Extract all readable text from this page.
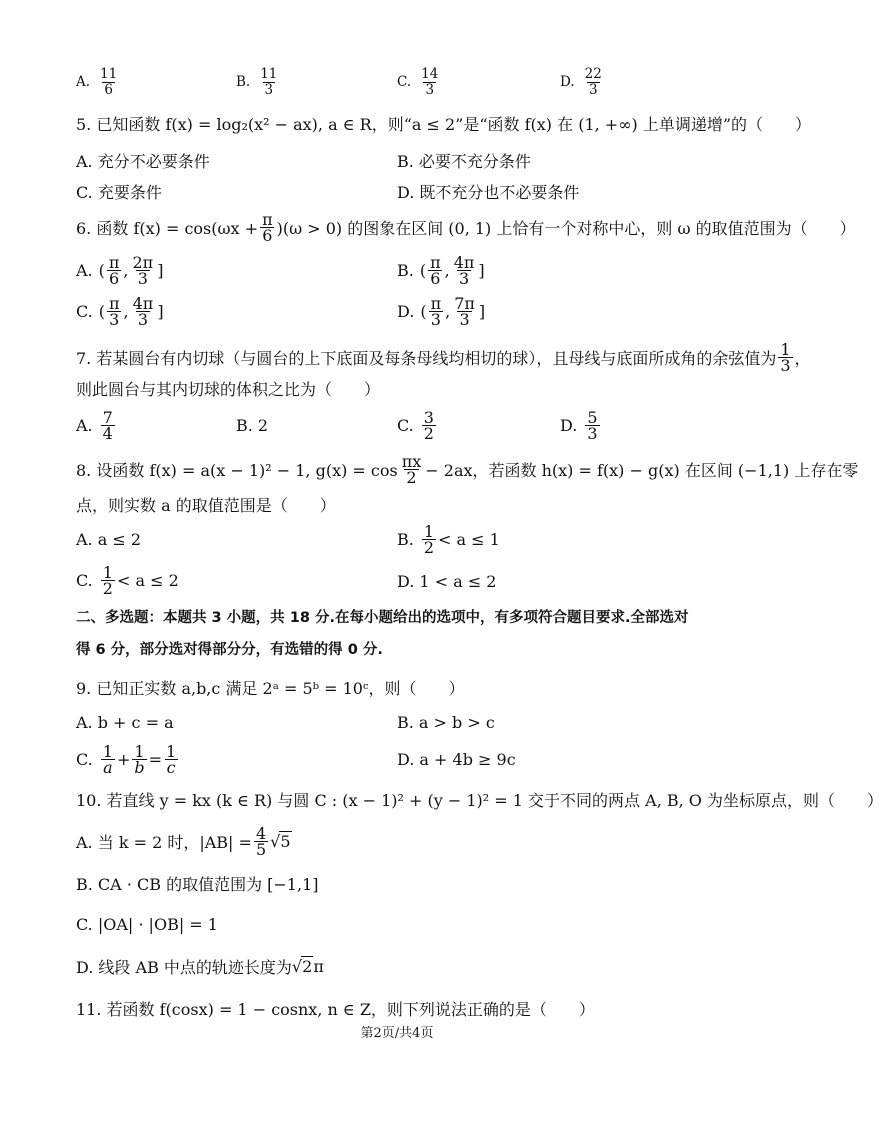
A. $\frac{11}{6}$	B. $\frac{11}{3}$	C. $\frac{14}{3}$	D. $\frac{22}{3}$
5. 已知函数 f(x) = log₂(x² − ax), a ∈ R，则“a ≤ 2”是“函数 f(x) 在 (1, +∞) 上单调递增”的（　　）
A. 充分不必要条件	B. 必要不充分条件
C. 充要条件	D. 既不充分也不必要条件
6. 函数 $f(x) = \cos(\omega x + \frac{\pi}{6} )(\omega > 0)$ 的图象在区间 (0, 1) 上恰有一个对称中心，则 ω 的取值范围为（　　）
A. ( $\frac{\pi}{6}$ , $\frac{2\pi}{3}$ ]	B. ( $\frac{\pi}{6}$ , $\frac{4\pi}{3}$ ]
C. ( $\frac{\pi}{3}$ , $\frac{4\pi}{3}$ ]	D. ( $\frac{\pi}{3}$ , $\frac{7\pi}{3}$ ]
7. 若某圆台有内切球（与圆台的上下底面及每条母线均相切的球），且母线与底面所成角的余弦值为 $\frac{1}{3}$ ，
则此圆台与其内切球的体积之比为（　　）
A. $\frac{7}{4}$	B. 2	C. $\frac{3}{2}$	D. $\frac{5}{3}$
8. 设函数 f(x) = a(x − 1)² − 1, $g(x) = \cos \frac{\pi x}{2} - 2ax$，若函数 h(x) = f(x) − g(x) 在区间 (−1,1) 上存在零
点，则实数 a 的取值范围是（　　）
A. a ≤ 2	B. $\frac{1}{2} < a \le 1$
C. $\frac{1}{2} < a \le 2$	D. 1 < a ≤ 2
二、多选题：本题共 3 小题，共 18 分.在每小题给出的选项中，有多项符合题目要求.全部选对
得 6 分，部分选对得部分分，有选错的得 0 分.
9. 已知正实数 a,b,c 满足 2ᵃ = 5ᵇ = 10ᶜ，则（　　）
A. b + c = a	B. a > b > c
C. $\frac{1}{a} + \frac{1}{b} = \frac{1}{c}$	D. a + 4b ≥ 9c
10. 若直线 y = kx (k ∈ R) 与圆 C : (x − 1)² + (y − 1)² = 1 交于不同的两点 A, B, O 为坐标原点，则（　　）
A. 当 k = 2 时，$|AB| = \frac{4}{5}$ √ 5
B. CA · CB 的取值范围为 [−1,1]
C. |OA| · |OB| = 1
D. 线段 AB 中点的轨迹长度为 √ 2 π
11. 若函数 f(cosx) = 1 − cosnx, n ∈ Z，则下列说法正确的是（　　）
第2页/共4页
